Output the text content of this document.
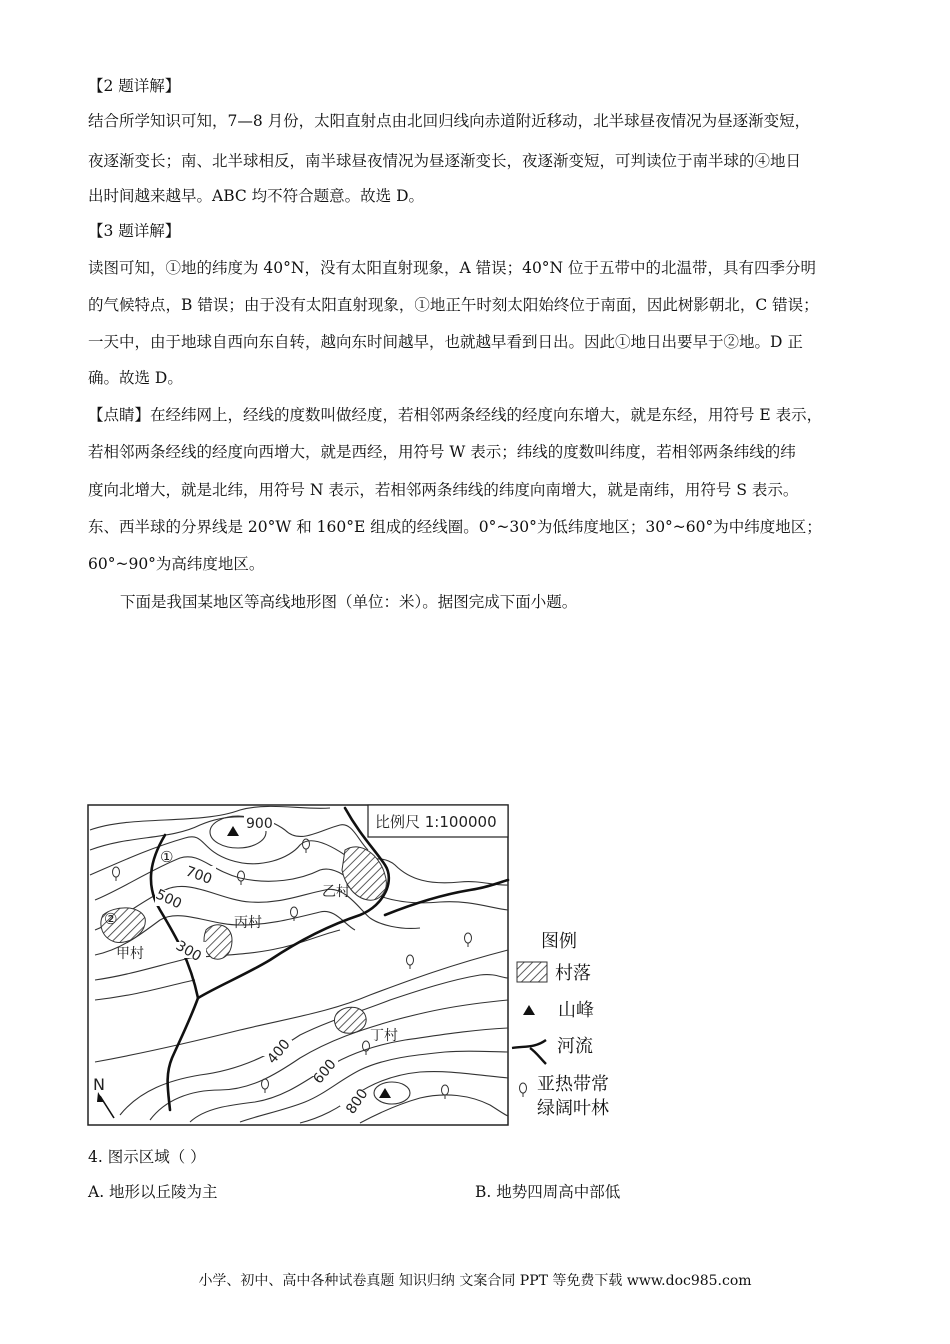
【2 题详解】

结合所学知识可知，7—8 月份，太阳直射点由北回归线向赤道附近移动，北半球昼夜情况为昼逐渐变短，

夜逐渐变长；南、北半球相反，南半球昼夜情况为昼逐渐变长，夜逐渐变短，可判读位于南半球的④地日

出时间越来越早。ABC 均不符合题意。故选 D。

【3 题详解】

读图可知，①地的纬度为 40°N，没有太阳直射现象，A 错误；40°N 位于五带中的北温带，具有四季分明

的气候特点，B 错误；由于没有太阳直射现象，①地正午时刻太阳始终位于南面，因此树影朝北，C 错误；

一天中，由于地球自西向东自转，越向东时间越早，也就越早看到日出。因此①地日出要早于②地。D 正

确。故选 D。

【点睛】在经纬网上，经线的度数叫做经度，若相邻两条经线的经度向东增大，就是东经，用符号 E 表示，

若相邻两条经线的经度向西增大，就是西经，用符号 W 表示；纬线的度数叫纬度，若相邻两条纬线的纬

度向北增大，就是北纬，用符号 N 表示，若相邻两条纬线的纬度向南增大，就是南纬，用符号 S 表示。

东、西半球的分界线是 20°W 和 160°E 组成的经线圈。0°~30°为低纬度地区；30°~60°为中纬度地区；

60°~90°为高纬度地区。

下面是我国某地区等高线地形图（单位：米）。据图完成下面小题。
比例尺 1:100000
900
700
500
300
400
600
800
①
②
甲村
乙村
丙村
丁村
N
图例
村落
山峰
河流
亚热带常
绿阔叶林
4. 图示区域（ ）
A. 地形以丘陵为主	B. 地势四周高中部低
小学、初中、高中各种试卷真题 知识归纳 文案合同 PPT 等免费下载 www.doc985.com
